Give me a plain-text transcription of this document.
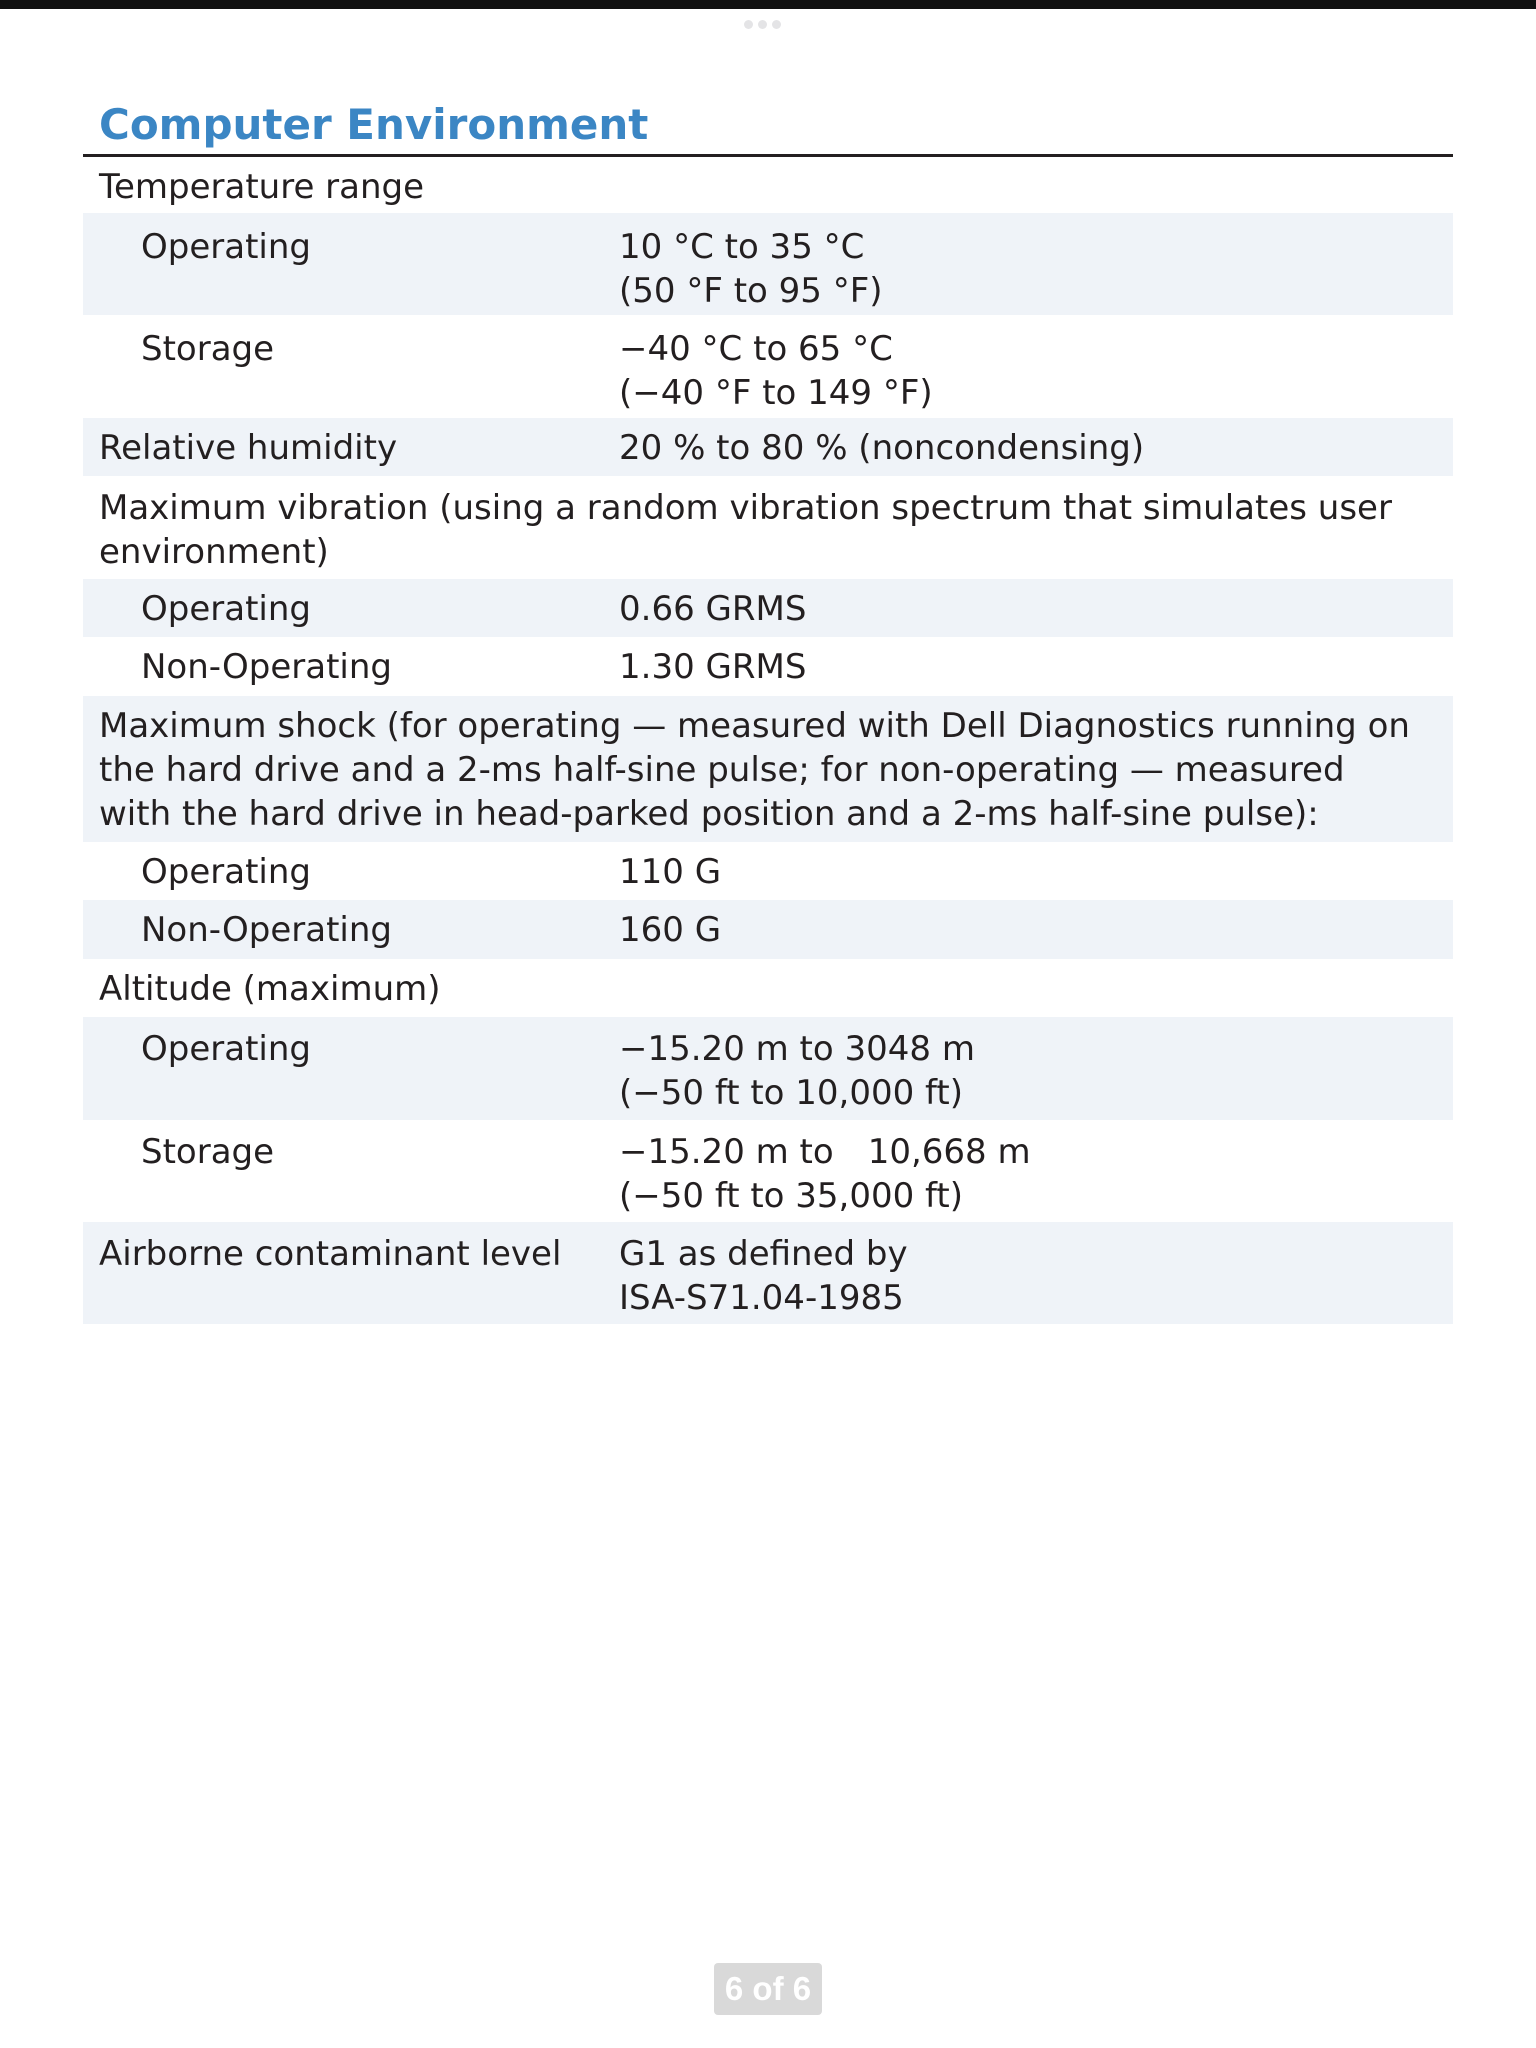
Computer Environment
Temperature range
Operating	10 °C to 35 °C
(50 °F to 95 °F)
Storage	−40 °C to 65 °C
(−40 °F to 149 °F)
Relative humidity	20 % to 80 % (noncondensing)
Maximum vibration (using a random vibration spectrum that simulates user environment)
Operating	0.66 GRMS
Non-Operating	1.30 GRMS
Maximum shock (for operating — measured with Dell Diagnostics running on the hard drive and a 2-ms half-sine pulse; for non-operating — measured with the hard drive in head-parked position and a 2-ms half-sine pulse):
Operating	110 G
Non-Operating	160 G
Altitude (maximum)
Operating	−15.20 m to 3048 m
(−50 ft to 10,000 ft)
Storage	−15.20 m to  10,668 m
(−50 ft to 35,000 ft)
Airborne contaminant level	G1 as defined by
ISA-S71.04-1985
6 of 6
